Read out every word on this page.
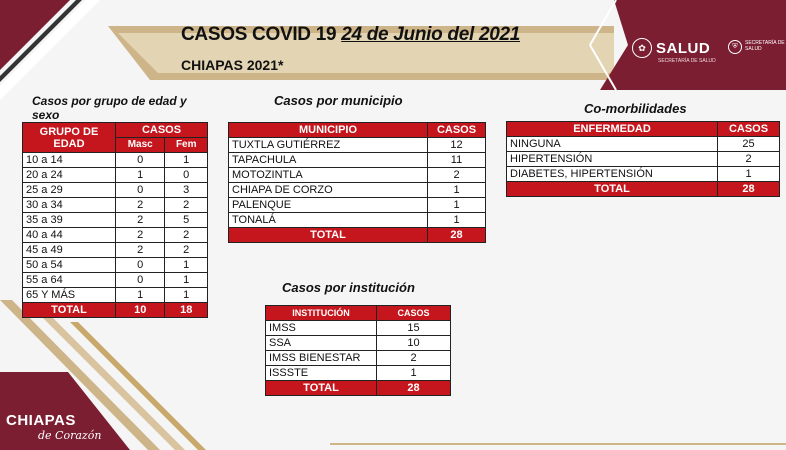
CASOS COVID 19 24 de Junio del 2021
CHIAPAS 2021*
✿ SALUD
SECRETARÍA DE SALUD
⛨	SECRETARÍA DE SALUD
Casos por grupo de edad y sexo
GRUPO DE EDAD	CASOS	
	Masc	Fem
10 a 14	0	1
20 a 24	1	0
25 a 29	0	3
30 a 34	2	2
35 a 39	2	5
40 a 44	2	2
45 a 49	2	2
50 a 54	0	1
55 a 64	0	1
65 Y MÁS	1	1
TOTAL	10	18
Casos por municipio
MUNICIPIO	CASOS
TUXTLA GUTIÉRREZ	12
TAPACHULA	11
MOTOZINTLA	2
CHIAPA DE CORZO	1
PALENQUE	1
TONALÁ	1
TOTAL	28
Co-morbilidades
ENFERMEDAD	CASOS
NINGUNA	25
HIPERTENSIÓN	2
DIABETES, HIPERTENSIÓN	1
TOTAL	28
Casos por institución
INSTITUCIÓN	CASOS
IMSS	15
SSA	10
IMSS BIENESTAR	2
ISSSTE	1
TOTAL	28
CHIAPAS
de Corazón
